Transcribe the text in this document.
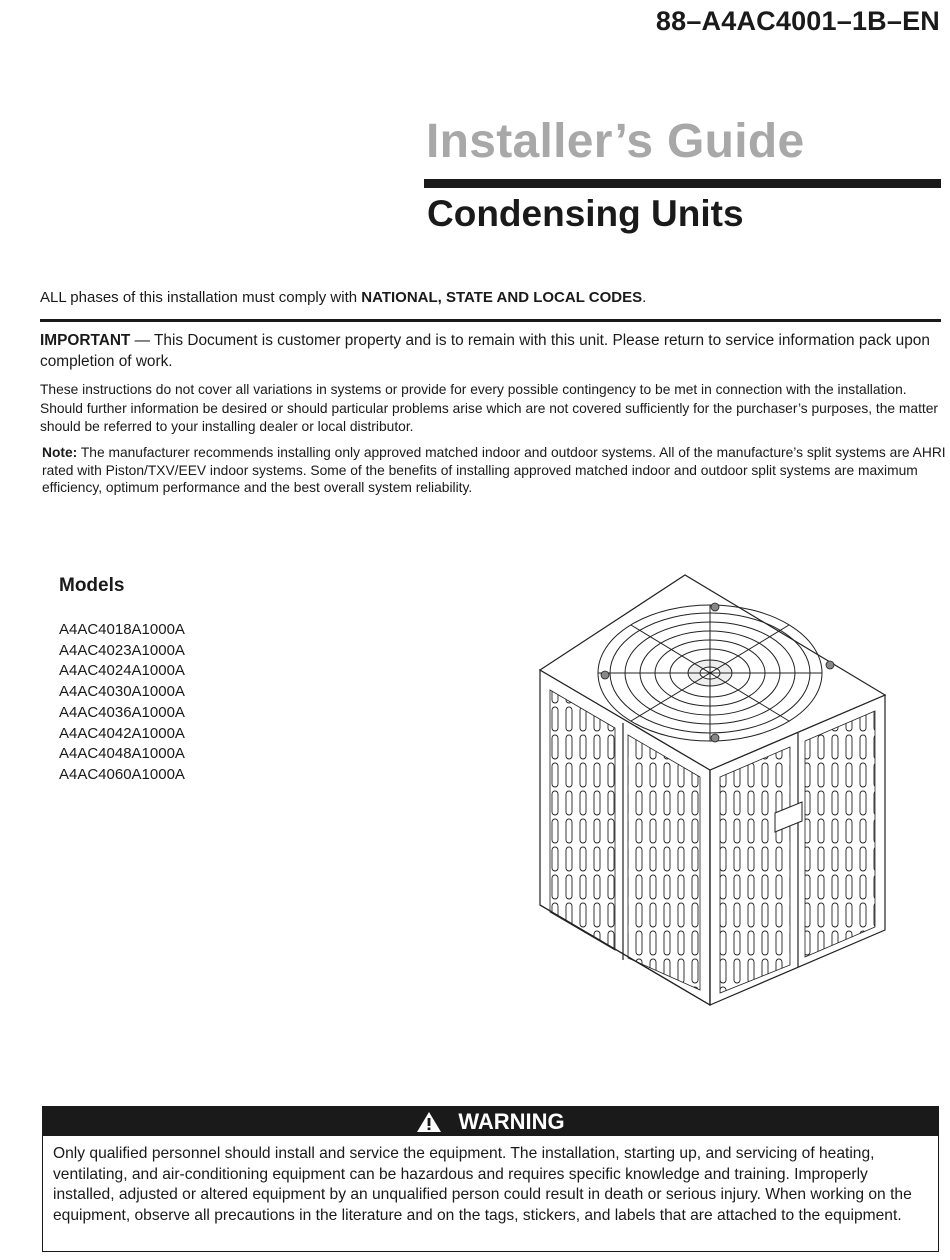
88–A4AC4001–1B–EN
Installer’s Guide
Condensing Units
ALL phases of this installation must comply with NATIONAL, STATE AND LOCAL CODES.
IMPORTANT — This Document is customer property and is to remain with this unit. Please return to service information pack upon completion of work.
These instructions do not cover all variations in systems or provide for every possible contingency to be met in connection with the installation. Should further information be desired or should particular problems arise which are not covered sufficiently for the purchaser’s purposes, the matter should be referred to your installing dealer or local distributor.
Note: The manufacturer recommends installing only approved matched indoor and outdoor systems. All of the manufacture’s split systems are AHRI rated with Piston/TXV/EEV indoor systems. Some of the benefits of installing approved matched indoor and outdoor split systems are maximum efficiency, optimum performance and the best overall system reliability.
Models
A4AC4018A1000A
A4AC4023A1000A
A4AC4024A1000A
A4AC4030A1000A
A4AC4036A1000A
A4AC4042A1000A
A4AC4048A1000A
A4AC4060A1000A
WARNING
Only qualified personnel should install and service the equipment. The installation, starting up, and servicing of heating, ventilating, and air-conditioning equipment can be hazardous and requires specific knowledge and training. Improperly installed, adjusted or altered equipment by an unqualified person could result in death or serious injury. When working on the equipment, observe all precautions in the literature and on the tags, stickers, and labels that are attached to the equipment.
